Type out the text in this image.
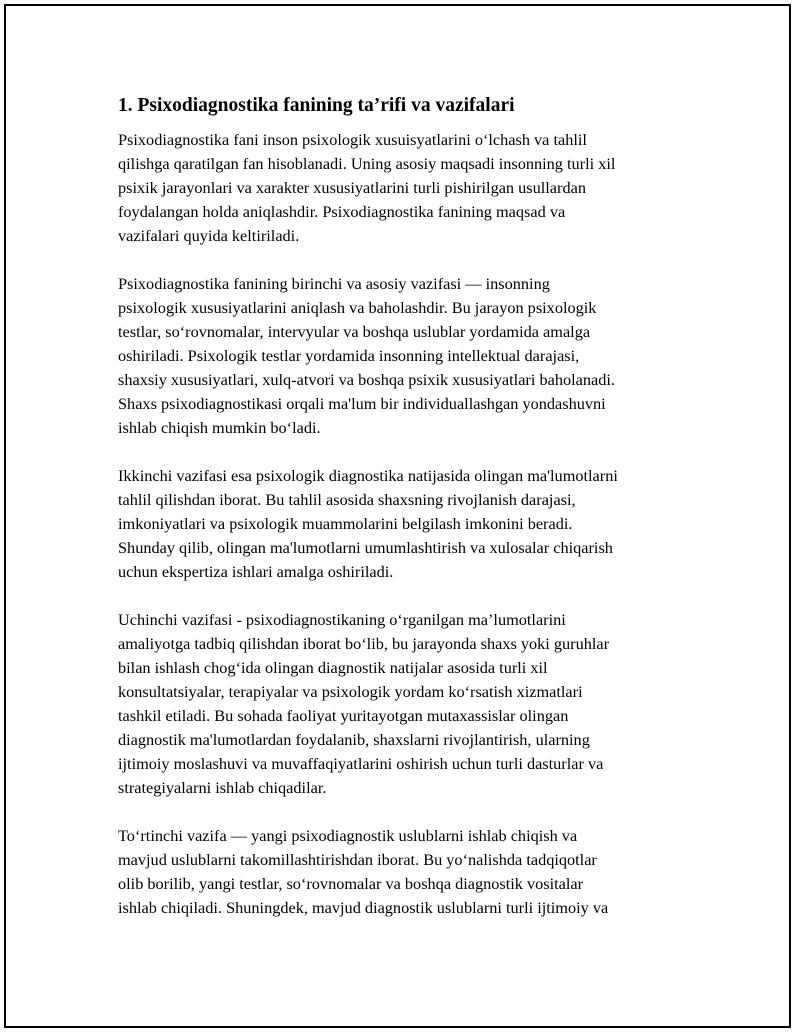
1. Psixodiagnostika fanining ta’rifi va vazifalari

Psixodiagnostika fani inson psixologik xusuisyatlarini o‘lchash va tahlil
qilishga qaratilgan fan hisoblanadi. Uning asosiy maqsadi insonning turli xil
psixik jarayonlari va xarakter xususiyatlarini turli pishirilgan usullardan
foydalangan holda aniqlashdir. Psixodiagnostika fanining maqsad va
vazifalari quyida keltiriladi.

Psixodiagnostika fanining birinchi va asosiy vazifasi — insonning
psixologik xususiyatlarini aniqlash va baholashdir. Bu jarayon psixologik
testlar, so‘rovnomalar, intervyular va boshqa uslublar yordamida amalga
oshiriladi. Psixologik testlar yordamida insonning intellektual darajasi,
shaxsiy xususiyatlari, xulq-atvori va boshqa psixik xususiyatlari baholanadi.
Shaxs psixodiagnostikasi orqali ma'lum bir individuallashgan yondashuvni
ishlab chiqish mumkin bo‘ladi.

Ikkinchi vazifasi esa psixologik diagnostika natijasida olingan ma'lumotlarni
tahlil qilishdan iborat. Bu tahlil asosida shaxsning rivojlanish darajasi,
imkoniyatlari va psixologik muammolarini belgilash imkonini beradi.
Shunday qilib, olingan ma'lumotlarni umumlashtirish va xulosalar chiqarish
uchun ekspertiza ishlari amalga oshiriladi.

Uchinchi vazifasi - psixodiagnostikaning o‘rganilgan ma’lumotlarini
amaliyotga tadbiq qilishdan iborat bo‘lib, bu jarayonda shaxs yoki guruhlar
bilan ishlash chog‘ida olingan diagnostik natijalar asosida turli xil
konsultatsiyalar, terapiyalar va psixologik yordam ko‘rsatish xizmatlari
tashkil etiladi. Bu sohada faoliyat yuritayotgan mutaxassislar olingan
diagnostik ma'lumotlardan foydalanib, shaxslarni rivojlantirish, ularning
ijtimoiy moslashuvi va muvaffaqiyatlarini oshirish uchun turli dasturlar va
strategiyalarni ishlab chiqadilar.

To‘rtinchi vazifa — yangi psixodiagnostik uslublarni ishlab chiqish va
mavjud uslublarni takomillashtirishdan iborat. Bu yo‘nalishda tadqiqotlar
olib borilib, yangi testlar, so‘rovnomalar va boshqa diagnostik vositalar
ishlab chiqiladi. Shuningdek, mavjud diagnostik uslublarni turli ijtimoiy va
